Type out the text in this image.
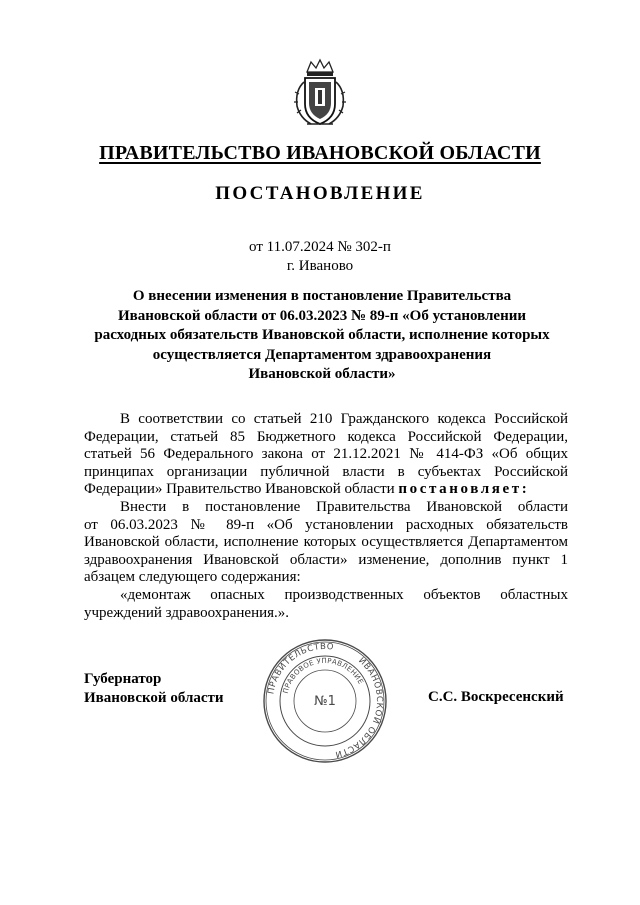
ПРАВИТЕЛЬСТВО ИВАНОВСКОЙ ОБЛАСТИ
ПОСТАНОВЛЕНИЕ
от 11.07.2024 № 302-п
г. Иваново
О внесении изменения в постановление Правительства
Ивановской области от 06.03.2023 № 89-п «Об установлении
расходных обязательств Ивановской области, исполнение которых
осуществляется Департаментом здравоохранения
Ивановской области»
В соответствии со статьей 210 Гражданского кодекса Российской
Федерации, статьей 85 Бюджетного кодекса Российской Федерации,
статьей 56 Федерального закона от 21.12.2021 № 414-ФЗ «Об общих
принципах организации публичной власти в субъектах Российской
Федерации» Правительство Ивановской области постановляет:
Внести в постановление Правительства Ивановской области
от 06.03.2023 № 89-п «Об установлении расходных обязательств
Ивановской области, исполнение которых осуществляется Департаментом
здравоохранения Ивановской области» изменение, дополнив пункт 1
абзацем следующего содержания:
«демонтаж опасных производственных объектов областных
учреждений здравоохранения.».
Губернатор
Ивановской области	ПРАВИТЕЛЬСТВО
ИВАНОВСКОЙ ОБЛАСТИ
ПРАВОВОЕ УПРАВЛЕНИЕ
№1	С.С. Воскресенский
